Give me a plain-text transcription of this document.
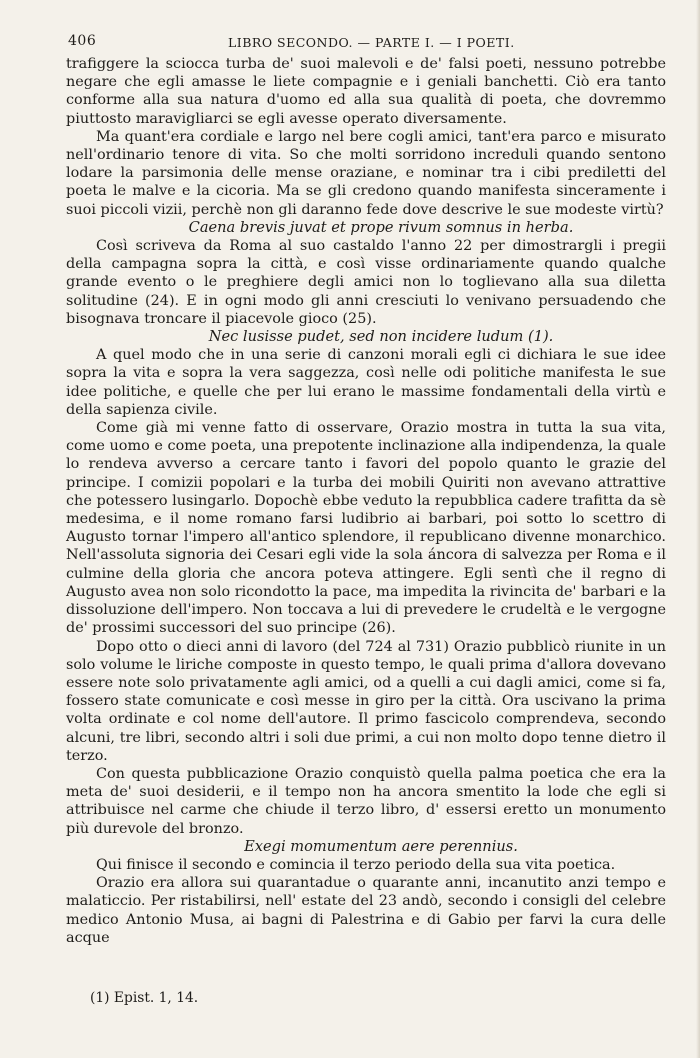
406	LIBRO SECONDO. — PARTE I. — I POETI.

trafiggere la sciocca turba de' suoi malevoli e de' falsi poeti, nessuno potrebbe negare che egli amasse le liete compagnie e i geniali banchetti. Ciò era tanto conforme alla sua natura d'uomo ed alla sua qualità di poeta, che dovremmo piuttosto maravigliarci se egli avesse operato diversamente.

Ma quant'era cordiale e largo nel bere cogli amici, tant'era parco e misurato nell'ordinario tenore di vita. So che molti sorridono increduli quando sentono lodare la parsimonia delle mense oraziane, e nominar tra i cibi prediletti del poeta le malve e la cicoria. Ma se gli credono quando manifesta sinceramente i suoi piccoli vizii, perchè non gli daranno fede dove descrive le sue modeste virtù?

Caena brevis juvat et prope rivum somnus in herba.

Così scriveva da Roma al suo castaldo l'anno 22 per dimostrargli i pregii della campagna sopra la città, e così visse ordinariamente quando qualche grande evento o le preghiere degli amici non lo toglievano alla sua diletta solitudine (24). E in ogni modo gli anni cresciuti lo venivano persuadendo che bisognava troncare il piacevole gioco (25).

Nec lusisse pudet, sed non incidere ludum (1).

A quel modo che in una serie di canzoni morali egli ci dichiara le sue idee sopra la vita e sopra la vera saggezza, così nelle odi politiche manifesta le sue idee politiche, e quelle che per lui erano le massime fondamentali della virtù e della sapienza civile.

Come già mi venne fatto di osservare, Orazio mostra in tutta la sua vita, come uomo e come poeta, una prepotente inclinazione alla indipendenza, la quale lo rendeva avverso a cercare tanto i favori del popolo quanto le grazie del principe. I comizii popolari e la turba dei mobili Quiriti non avevano attrattive che potessero lusingarlo. Dopochè ebbe veduto la repubblica cadere trafitta da sè medesima, e il nome romano farsi ludibrio ai barbari, poi sotto lo scettro di Augusto tornar l'impero all'antico splendore, il republicano divenne monarchico. Nell'assoluta signoria dei Cesari egli vide la sola áncora di salvezza per Roma e il culmine della gloria che ancora poteva attingere. Egli sentì che il regno di Augusto avea non solo ricondotto la pace, ma impedita la rivincita de' barbari e la dissoluzione dell'impero. Non toccava a lui di prevedere le crudeltà e le vergogne de' prossimi successori del suo principe (26).

Dopo otto o dieci anni di lavoro (del 724 al 731) Orazio pubblicò riunite in un solo volume le liriche composte in questo tempo, le quali prima d'allora dovevano essere note solo privatamente agli amici, od a quelli a cui dagli amici, come si fa, fossero state comunicate e così messe in giro per la città. Ora uscivano la prima volta ordinate e col nome dell'autore. Il primo fascicolo comprendeva, secondo alcuni, tre libri, secondo altri i soli due primi, a cui non molto dopo tenne dietro il terzo.

Con questa pubblicazione Orazio conquistò quella palma poetica che era la meta de' suoi desiderii, e il tempo non ha ancora smentito la lode che egli si attribuisce nel carme che chiude il terzo libro, d' essersi eretto un monumento più durevole del bronzo.

Exegi momumentum aere perennius.

Qui finisce il secondo e comincia il terzo periodo della sua vita poetica.

Orazio era allora sui quarantadue o quarante anni, incanutito anzi tempo e malaticcio. Per ristabilirsi, nell' estate del 23 andò, secondo i consigli del celebre medico Antonio Musa, ai bagni di Palestrina e di Gabio per farvi la cura delle acque

(1) Epist. 1, 14.
